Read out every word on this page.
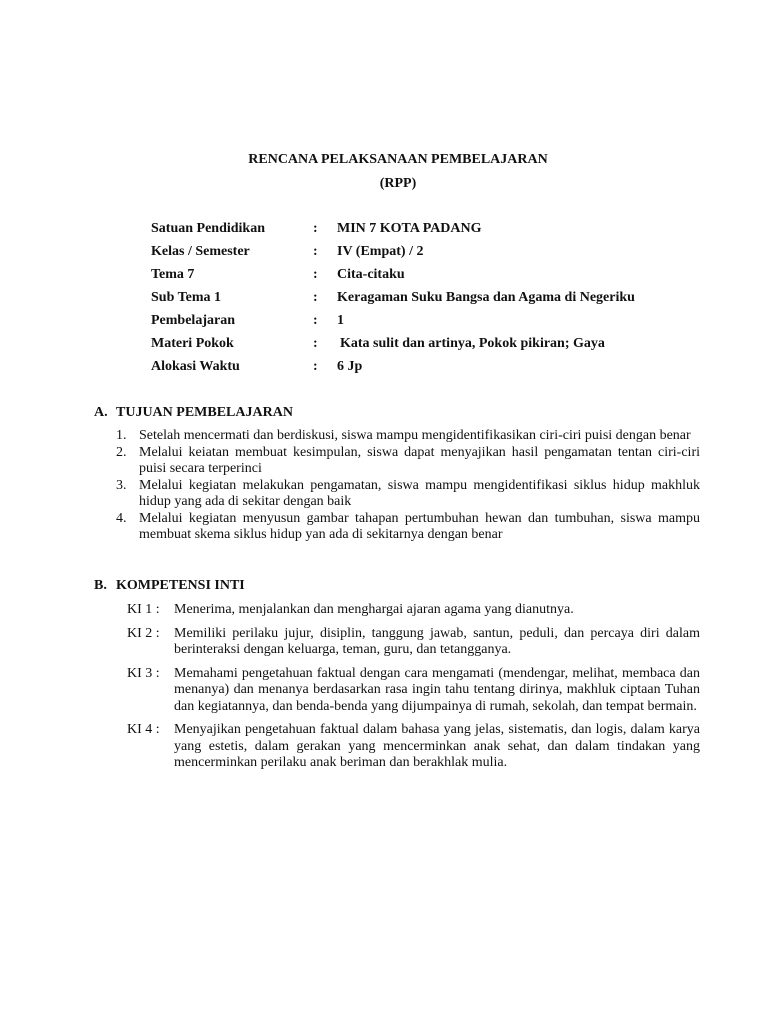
RENCANA PELAKSANAAN PEMBELAJARAN
(RPP)
Satuan Pendidikan	: MIN 7 KOTA PADANG
Kelas / Semester	: IV (Empat) / 2
Tema 7	: Cita-citaku
Sub Tema 1	: Keragaman Suku Bangsa dan Agama di Negeriku
Pembelajaran	: 1
Materi Pokok	: Kata sulit dan artinya, Pokok pikiran; Gaya
Alokasi Waktu	: 6 Jp
A. TUJUAN PEMBELAJARAN
1. Setelah mencermati dan berdiskusi, siswa mampu mengidentifikasikan ciri-ciri puisi dengan benar
2. Melalui keiatan membuat kesimpulan, siswa dapat menyajikan hasil pengamatan tentan ciri-ciri puisi secara terperinci
3. Melalui kegiatan melakukan pengamatan, siswa mampu mengidentifikasi siklus hidup makhluk hidup yang ada di sekitar dengan baik
4. Melalui kegiatan menyusun gambar tahapan pertumbuhan hewan dan tumbuhan, siswa mampu membuat skema siklus hidup yan ada di sekitarnya dengan benar
B. KOMPETENSI INTI
KI 1 : Menerima, menjalankan dan menghargai ajaran agama yang dianutnya.
KI 2 : Memiliki perilaku jujur, disiplin, tanggung jawab, santun, peduli, dan percaya diri dalam berinteraksi dengan keluarga, teman, guru, dan tetangganya.
KI 3 : Memahami pengetahuan faktual dengan cara mengamati (mendengar, melihat, membaca dan menanya) dan menanya berdasarkan rasa ingin tahu tentang dirinya, makhluk ciptaan Tuhan dan kegiatannya, dan benda-benda yang dijumpainya di rumah, sekolah, dan tempat bermain.
KI 4 : Menyajikan pengetahuan faktual dalam bahasa yang jelas, sistematis, dan logis, dalam karya yang estetis, dalam gerakan yang mencerminkan anak sehat, dan dalam tindakan yang mencerminkan perilaku anak beriman dan berakhlak mulia.
